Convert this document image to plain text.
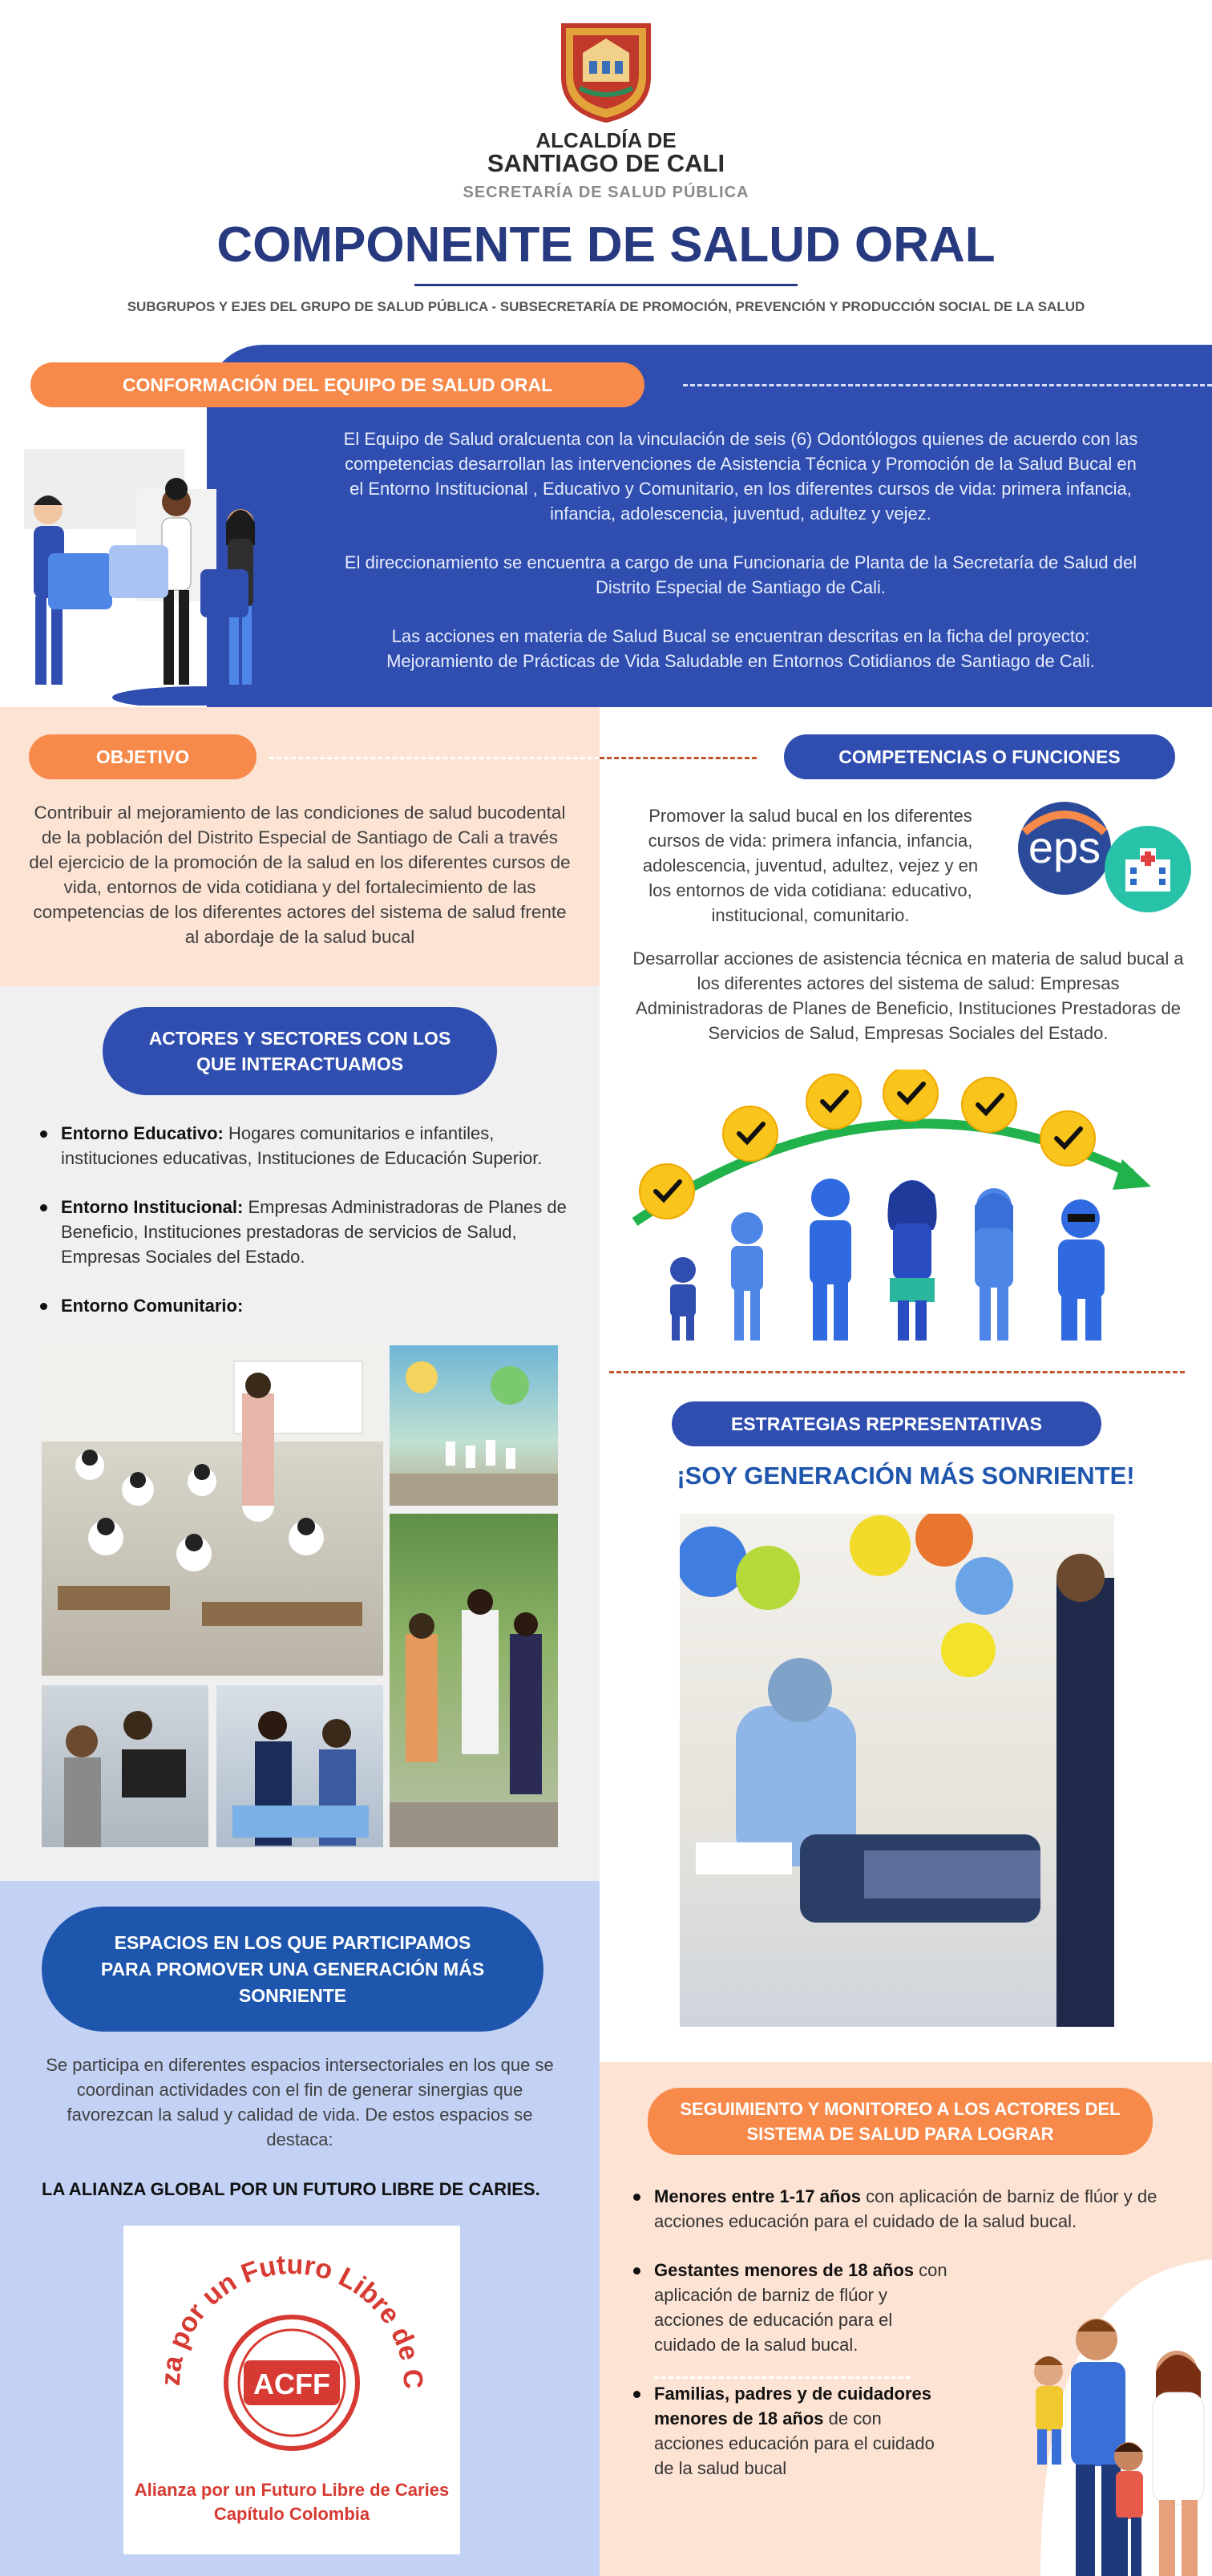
ALCALDÍA DE
SANTIAGO DE CALI
SECRETARÍA DE SALUD PÚBLICA
COMPONENTE DE SALUD ORAL
SUBGRUPOS Y EJES DEL GRUPO DE SALUD PÚBLICA - SUBSECRETARÍA DE PROMOCIÓN, PREVENCIÓN Y PRODUCCIÓN SOCIAL DE LA SALUD
CONFORMACIÓN DEL EQUIPO DE SALUD ORAL
El Equipo de Salud oralcuenta con la vinculación de seis (6) Odontólogos quienes de acuerdo con las competencias desarrollan las intervenciones de Asistencia Técnica y Promoción de la Salud Bucal en el Entorno Institucional , Educativo y Comunitario, en los diferentes cursos de vida: primera infancia, infancia, adolescencia, juventud, adultez y vejez.
El direccionamiento se encuentra a cargo de una Funcionaria de Planta de la Secretaría de Salud del Distrito Especial de Santiago de Cali.
Las acciones en materia de Salud Bucal se encuentran descritas en la ficha del proyecto: Mejoramiento de Prácticas de Vida Saludable en Entornos Cotidianos de Santiago de Cali.
OBJETIVO
Contribuir al mejoramiento de las condiciones de salud bucodental de la población del Distrito Especial de Santiago de Cali a través del ejercicio de la promoción de la salud en los diferentes cursos de vida, entornos de vida cotidiana y del fortalecimiento de las competencias de los diferentes actores del sistema de salud frente al abordaje de la salud bucal
ACTORES Y SECTORES CON LOS QUE INTERACTUAMOS
Entorno Educativo: Hogares comunitarios e infantiles, instituciones educativas, Instituciones de Educación Superior.
Entorno Institucional: Empresas Administradoras de Planes de Beneficio, Instituciones prestadoras de servicios de Salud, Empresas Sociales del Estado.
Entorno Comunitario:
ESPACIOS EN LOS QUE PARTICIPAMOS PARA PROMOVER UNA GENERACIÓN MÁS SONRIENTE
Se participa en diferentes espacios intersectoriales en los que se coordinan actividades con el fin de generar sinergias que favorezcan la salud y calidad de vida. De estos espacios se destaca:
LA ALIANZA GLOBAL POR UN FUTURO LIBRE DE CARIES.
za por un Futuro Libre de C
ACFF
Alianza por un Futuro Libre de Caries
Capítulo Colombia
COMPETENCIAS O FUNCIONES
Promover la salud bucal en los diferentes cursos de vida: primera infancia, infancia, adolescencia, juventud, adultez, vejez y en los entornos de vida cotidiana: educativo, institucional, comunitario.
eps
Desarrollar acciones de asistencia técnica en materia de salud bucal a los diferentes actores del sistema de salud: Empresas Administradoras de Planes de Beneficio, Instituciones Prestadoras de Servicios de Salud, Empresas Sociales del Estado.
ESTRATEGIAS REPRESENTATIVAS
¡SOY GENERACIÓN MÁS SONRIENTE!
SEGUIMIENTO Y MONITOREO A LOS ACTORES DEL SISTEMA DE SALUD PARA LOGRAR
Menores entre 1-17 años con aplicación de barniz de flúor y de acciones educación para el cuidado de la salud bucal.
Gestantes menores de 18 años con aplicación de barniz de flúor y acciones de educación para el cuidado de la salud bucal.
Familias, padres y de cuidadores menores de 18 años de con acciones educación para el cuidado de la salud bucal
